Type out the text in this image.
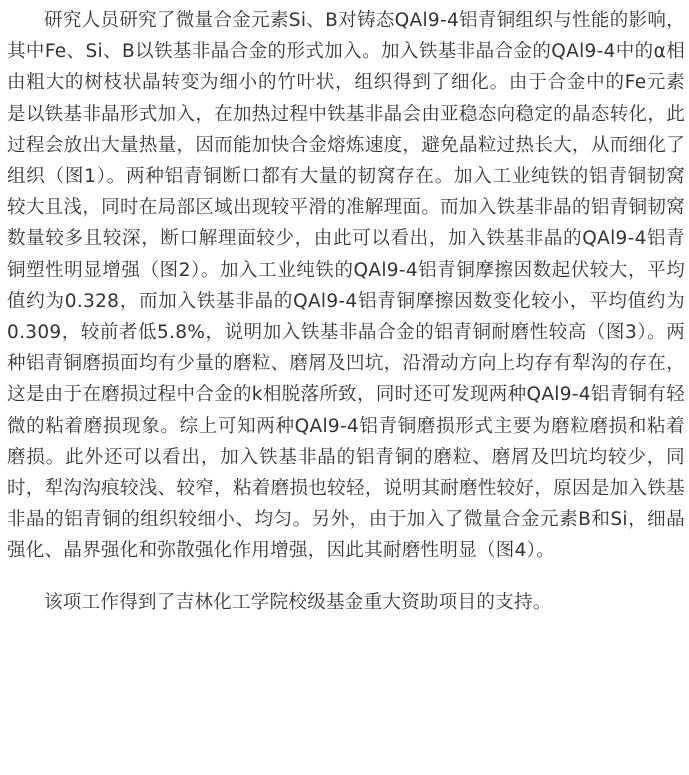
研究人员研究了微量合金元素Si、B对铸态QAl9-4铝青铜组织与性能的影响，其中Fe、Si、B以铁基非晶合金的形式加入。加入铁基非晶合金的QAl9-4中的α相由粗大的树枝状晶转变为细小的竹叶状，组织得到了细化。由于合金中的Fe元素是以铁基非晶形式加入，在加热过程中铁基非晶会由亚稳态向稳定的晶态转化，此过程会放出大量热量，因而能加快合金熔炼速度，避免晶粒过热长大，从而细化了组织（图1）。两种铝青铜断口都有大量的韧窝存在。加入工业纯铁的铝青铜韧窝较大且浅，同时在局部区域出现较平滑的准解理面。而加入铁基非晶的铝青铜韧窝数量较多且较深，断口解理面较少，由此可以看出，加入铁基非晶的QAl9-4铝青铜塑性明显增强（图2）。加入工业纯铁的QAl9-4铝青铜摩擦因数起伏较大，平均值约为0.328，而加入铁基非晶的QAl9-4铝青铜摩擦因数变化较小，平均值约为0.309，较前者低5.8%，说明加入铁基非晶合金的铝青铜耐磨性较高（图3）。两种铝青铜磨损面均有少量的磨粒、磨屑及凹坑，沿滑动方向上均存有犁沟的存在，这是由于在磨损过程中合金的k相脱落所致，同时还可发现两种QAl9-4铝青铜有轻微的粘着磨损现象。综上可知两种QAl9-4铝青铜磨损形式主要为磨粒磨损和粘着磨损。此外还可以看出，加入铁基非晶的铝青铜的磨粒、磨屑及凹坑均较少，同时，犁沟沟痕较浅、较窄，粘着磨损也较轻，说明其耐磨性较好，原因是加入铁基非晶的铝青铜的组织较细小、均匀。另外，由于加入了微量合金元素B和Si，细晶强化、晶界强化和弥散强化作用增强，因此其耐磨性明显（图4）。

该项工作得到了吉林化工学院校级基金重大资助项目的支持。
